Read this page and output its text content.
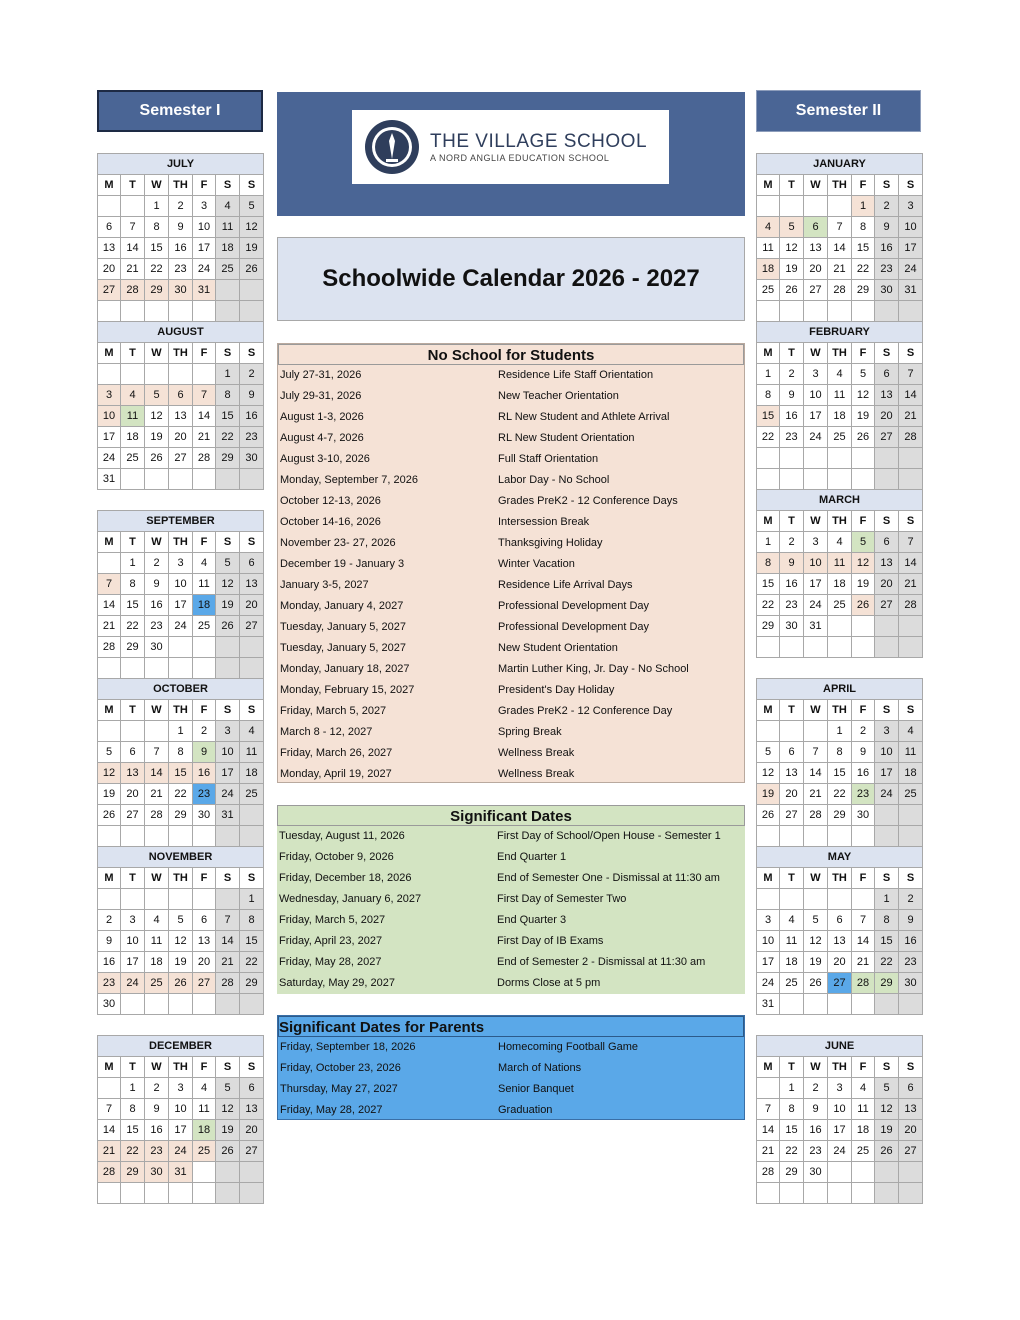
Semester I	Semester II
THE VILLAGE SCHOOL
A NORD ANGLIA EDUCATION SCHOOL
Schoolwide Calendar 2026 - 2027
No School for Students
July 27-31, 2026	Residence Life Staff Orientation
July 29-31, 2026	New Teacher Orientation
August 1-3, 2026	RL New Student and Athlete Arrival
August 4-7, 2026	RL New Student Orientation
August 3-10, 2026	Full Staff Orientation
Monday, September 7, 2026	Labor Day - No School
October 12-13, 2026	Grades PreK2 - 12 Conference Days
October 14-16, 2026	Intersession Break
November 23- 27, 2026	Thanksgiving Holiday
December 19 - January 3	Winter Vacation
January 3-5, 2027	Residence Life Arrival Days
Monday, January 4, 2027	Professional Development Day
Tuesday, January 5, 2027	Professional Development Day
Tuesday, January 5, 2027	New Student Orientation
Monday, January 18, 2027	Martin Luther King, Jr. Day - No School
Monday, February 15, 2027	President's Day Holiday
Friday, March 5, 2027	Grades PreK2 - 12 Conference Day
March 8 - 12, 2027	Spring Break
Friday, March 26, 2027	Wellness Break
Monday, April 19, 2027	Wellness Break
Significant Dates
Tuesday, August 11, 2026	First Day of School/Open House - Semester 1
Friday, October 9, 2026	End Quarter 1
Friday, December 18, 2026	End of Semester One - Dismissal at 11:30 am
Wednesday, January 6, 2027	First Day of Semester Two
Friday, March 5, 2027	End Quarter 3
Friday, April 23, 2027	First Day of IB Exams
Friday, May 28, 2027	End of Semester 2 - Dismissal at 11:30 am
Saturday, May 29, 2027	Dorms Close at 5 pm
Significant Dates for Parents
Friday, September 18, 2026	Homecoming Football Game
Friday, October 23, 2026	March of Nations
Thursday, May 27, 2027	Senior Banquet
Friday, May 28, 2027	Graduation
JULY						
M	T	W	TH	F	S	S
		1	2	3	4	5
6	7	8	9	10	11	12
13	14	15	16	17	18	19
20	21	22	23	24	25	26
27	28	29	30	31		

AUGUST						
M	T	W	TH	F	S	S
					1	2
3	4	5	6	7	8	9
10	11	12	13	14	15	16
17	18	19	20	21	22	23
24	25	26	27	28	29	30
31						
SEPTEMBER						
M	T	W	TH	F	S	S
	1	2	3	4	5	6
7	8	9	10	11	12	13
14	15	16	17	18	19	20
21	22	23	24	25	26	27
28	29	30				

OCTOBER						
M	T	W	TH	F	S	S
			1	2	3	4
5	6	7	8	9	10	11
12	13	14	15	16	17	18
19	20	21	22	23	24	25
26	27	28	29	30	31	

NOVEMBER						
M	T	W	TH	F	S	S
						1
2	3	4	5	6	7	8
9	10	11	12	13	14	15
16	17	18	19	20	21	22
23	24	25	26	27	28	29
30						
DECEMBER						
M	T	W	TH	F	S	S
	1	2	3	4	5	6
7	8	9	10	11	12	13
14	15	16	17	18	19	20
21	22	23	24	25	26	27
28	29	30	31			

JANUARY						
M	T	W	TH	F	S	S
				1	2	3
4	5	6	7	8	9	10
11	12	13	14	15	16	17
18	19	20	21	22	23	24
25	26	27	28	29	30	31

FEBRUARY						
M	T	W	TH	F	S	S
1	2	3	4	5	6	7
8	9	10	11	12	13	14
15	16	17	18	19	20	21
22	23	24	25	26	27	28

MARCH						
M	T	W	TH	F	S	S
1	2	3	4	5	6	7
8	9	10	11	12	13	14
15	16	17	18	19	20	21
22	23	24	25	26	27	28
29	30	31				

APRIL						
M	T	W	TH	F	S	S
			1	2	3	4
5	6	7	8	9	10	11
12	13	14	15	16	17	18
19	20	21	22	23	24	25
26	27	28	29	30		

MAY						
M	T	W	TH	F	S	S
					1	2
3	4	5	6	7	8	9
10	11	12	13	14	15	16
17	18	19	20	21	22	23
24	25	26	27	28	29	30
31						
JUNE						
M	T	W	TH	F	S	S
	1	2	3	4	5	6
7	8	9	10	11	12	13
14	15	16	17	18	19	20
21	22	23	24	25	26	27
28	29	30				
